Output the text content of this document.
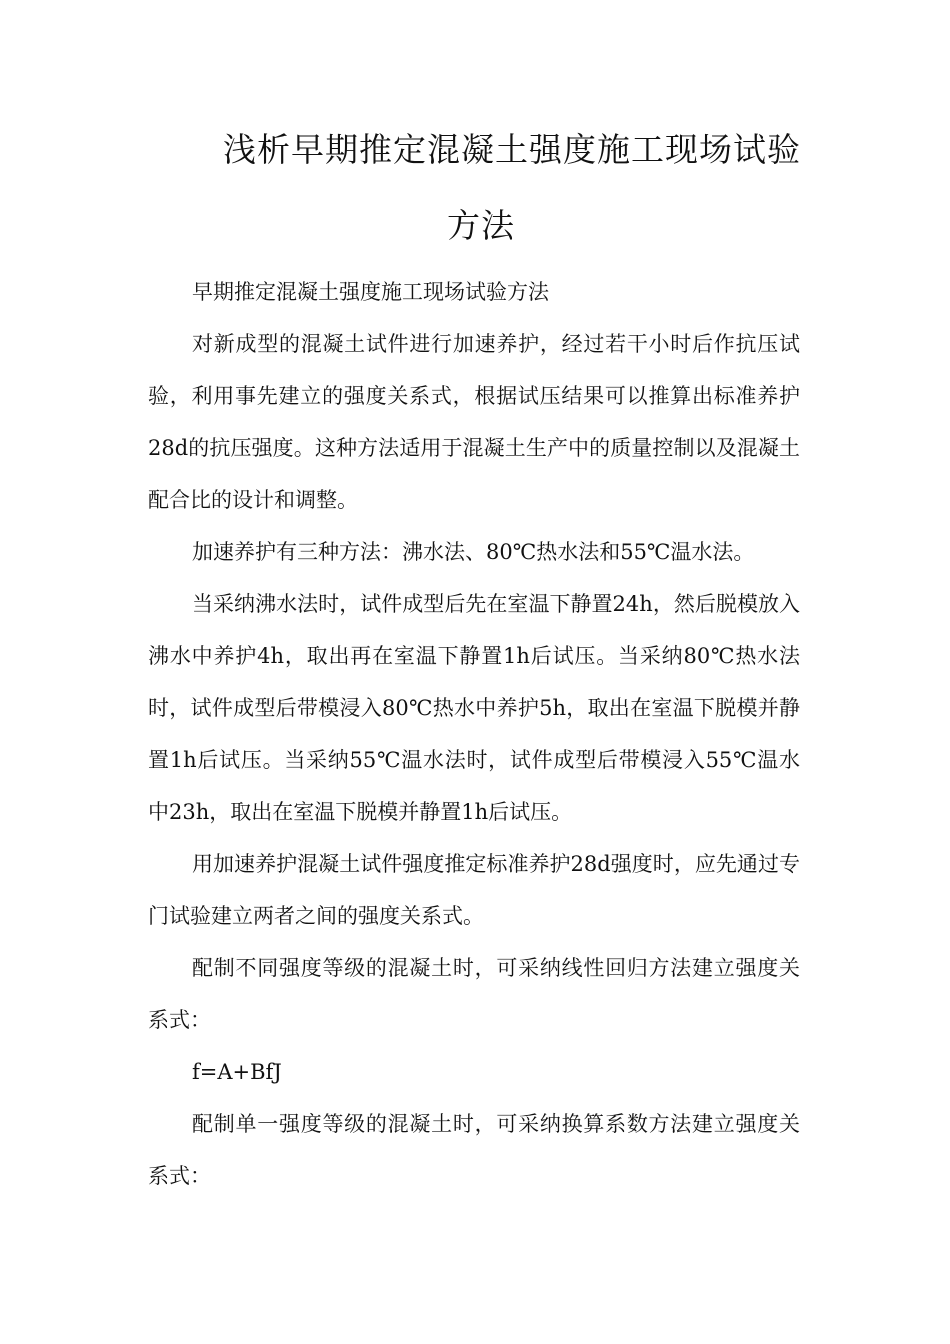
浅析早期推定混凝土强度施工现场试验
方法

早期推定混凝土强度施工现场试验方法

对新成型的混凝土试件进行加速养护，经过若干小时后作抗压试验，利用事先建立的强度关系式，根据试压结果可以推算出标准养护28d的抗压强度。这种方法适用于混凝土生产中的质量控制以及混凝土配合比的设计和调整。

加速养护有三种方法：沸水法、80℃热水法和55℃温水法。

当采纳沸水法时，试件成型后先在室温下静置24h，然后脱模放入沸水中养护4h，取出再在室温下静置1h后试压。当采纳80℃热水法时，试件成型后带模浸入80℃热水中养护5h，取出在室温下脱模并静置1h后试压。当采纳55℃温水法时，试件成型后带模浸入55℃温水中23h，取出在室温下脱模并静置1h后试压。

用加速养护混凝土试件强度推定标准养护28d强度时，应先通过专门试验建立两者之间的强度关系式。

配制不同强度等级的混凝土时，可采纳线性回归方法建立强度关系式：

f=A+BfJ

配制单一强度等级的混凝土时，可采纳换算系数方法建立强度关系式：
